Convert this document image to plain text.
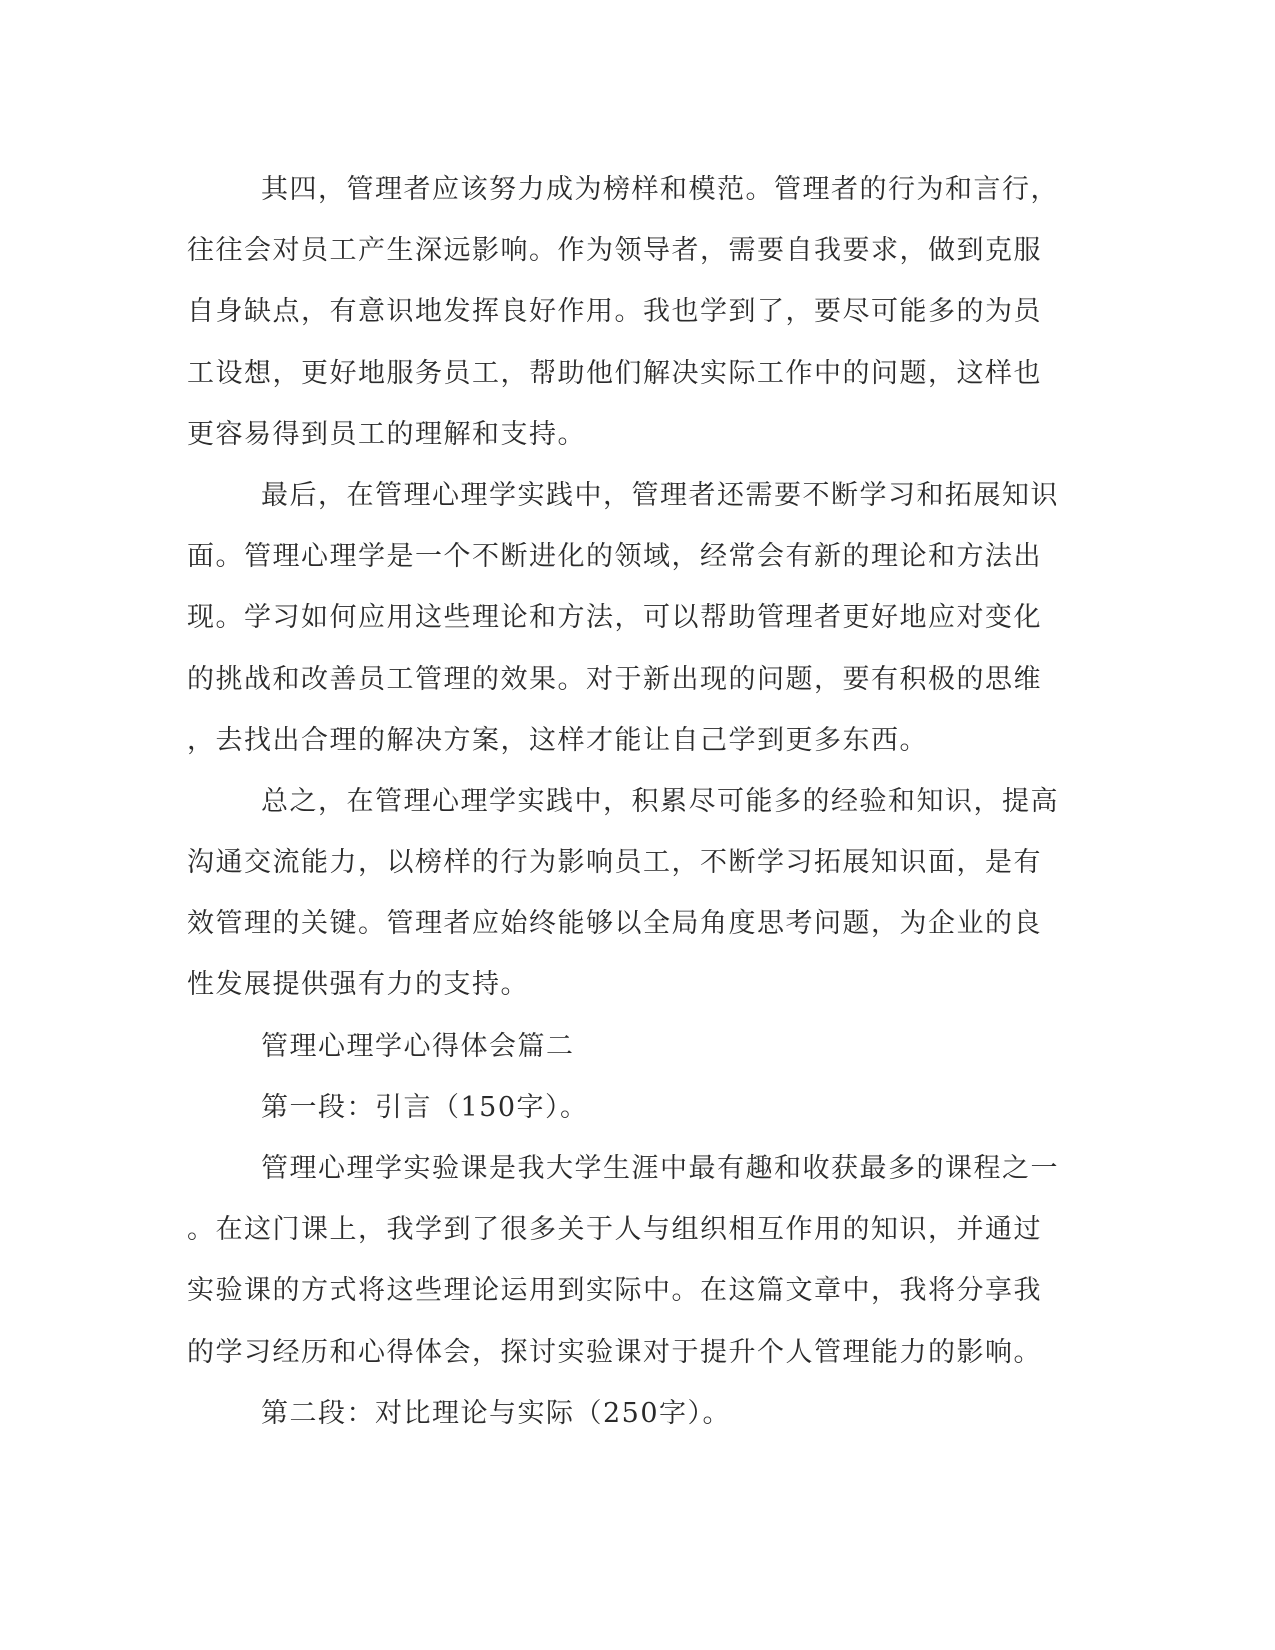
其四，管理者应该努力成为榜样和模范。管理者的行为和言行，
往往会对员工产生深远影响。作为领导者，需要自我要求，做到克服
自身缺点，有意识地发挥良好作用。我也学到了，要尽可能多的为员
工设想，更好地服务员工，帮助他们解决实际工作中的问题，这样也
更容易得到员工的理解和支持。
最后，在管理心理学实践中，管理者还需要不断学习和拓展知识
面。管理心理学是一个不断进化的领域，经常会有新的理论和方法出
现。学习如何应用这些理论和方法，可以帮助管理者更好地应对变化
的挑战和改善员工管理的效果。对于新出现的问题，要有积极的思维
，去找出合理的解决方案，这样才能让自己学到更多东西。
总之，在管理心理学实践中，积累尽可能多的经验和知识，提高
沟通交流能力，以榜样的行为影响员工，不断学习拓展知识面，是有
效管理的关键。管理者应始终能够以全局角度思考问题，为企业的良
性发展提供强有力的支持。
管理心理学心得体会篇二
第一段：引言（150字）。
管理心理学实验课是我大学生涯中最有趣和收获最多的课程之一
。在这门课上，我学到了很多关于人与组织相互作用的知识，并通过
实验课的方式将这些理论运用到实际中。在这篇文章中，我将分享我
的学习经历和心得体会，探讨实验课对于提升个人管理能力的影响。
第二段：对比理论与实际（250字）。
